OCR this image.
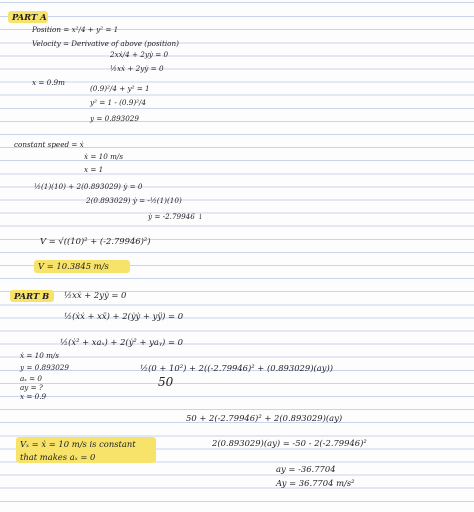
PART A
Position = x²/4 + y² = 1
Velocity = Derivative of above (position)
2xẋ/4 + 2yẏ = 0
½xẋ + 2yẏ = 0
x = 0.9m
(0.9)²/4 + y² = 1
y² = 1 - (0.9)²/4
y = 0.893029
constant speed = ẋ
ẋ = 10 m/s
x = 1
½(1)(10) + 2(0.893029) ẏ = 0
2(0.893029) ẏ = -½(1)(10)
ẏ = -2.79946 ↓
V = √((10)² + (-2.79946)²)
V = 10.3845 m/s
PART B ½xẋ + 2yẏ = 0
½(ẋẋ + xẍ) + 2(ẏẏ + yÿ) = 0
½(ẋ² + xaₓ) + 2(ẏ² + yaᵧ) = 0
ẋ = 10 m/s
y = 0.893029
aₓ = 0
ay = ?
x = 0.9
½(0 + 10²) + 2((-2.79946)² + (0.893029)(ay))
50
50 + 2(-2.79946)² + 2(0.893029)(ay)
Vₓ = ẋ = 10 m/s is constant
that makes aₓ = 0
2(0.893029)(ay) = -50 - 2(-2.79946)²
ay = -36.7704
Ay = 36.7704 m/s²
